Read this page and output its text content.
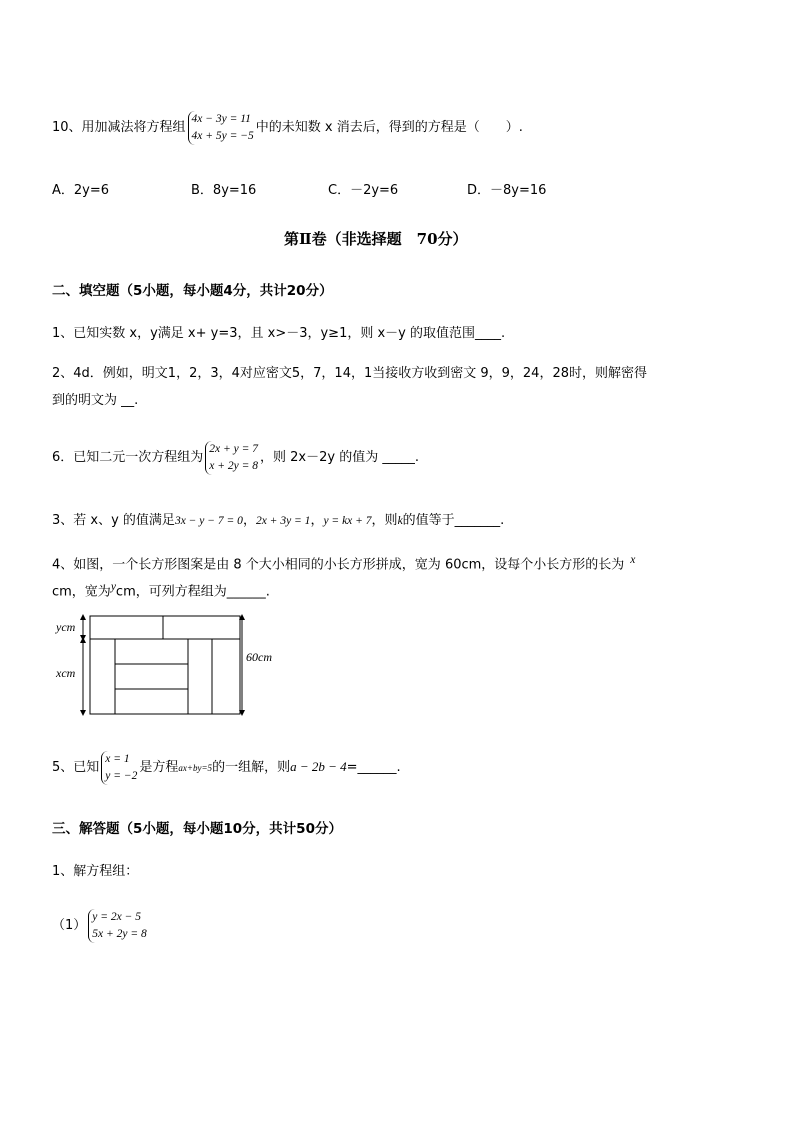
10、用加减法将方程组
4x − 3y = 11
4x + 5y = −5
中的未知数 x 消去后，得到的方程是（　　）.
A．2y=6	B．8y=16	C．－2y=6	D．－8y=16
第Ⅱ卷（非选择题　70分）
二、填空题（5小题，每小题4分，共计20分）
1、已知实数 x，y满足 x+ y=3，且 x>－3，y≥1，则 x－y 的取值范围____.
2、4d．例如，明文1，2，3，4对应密文5，7，14，1当接收方收到密文 9，9，24，28时，则解密得
到的明文为 __.
6．已知二元一次方程组为
2x + y = 7
x + 2y = 8
，则 2x－2y 的值为 _____.
3、若 x、y 的值满足3x − y − 7 = 0，2x + 3y = 1，y = kx + 7，则k的值等于_______.
4、如图，一个长方形图案是由 8 个大小相同的小长方形拼成，宽为 60cm，设每个小长方形的长为 x
cm，宽为ycm，可列方程组为______.
ycm
xcm
60cm
5、已知
x = 1
y = −2
是方程ax+by=5的一组解，则a − 2b − 4=______.
三、解答题（5小题，每小题10分，共计50分）
1、解方程组：
（1）
y = 2x − 5
5x + 2y = 8
